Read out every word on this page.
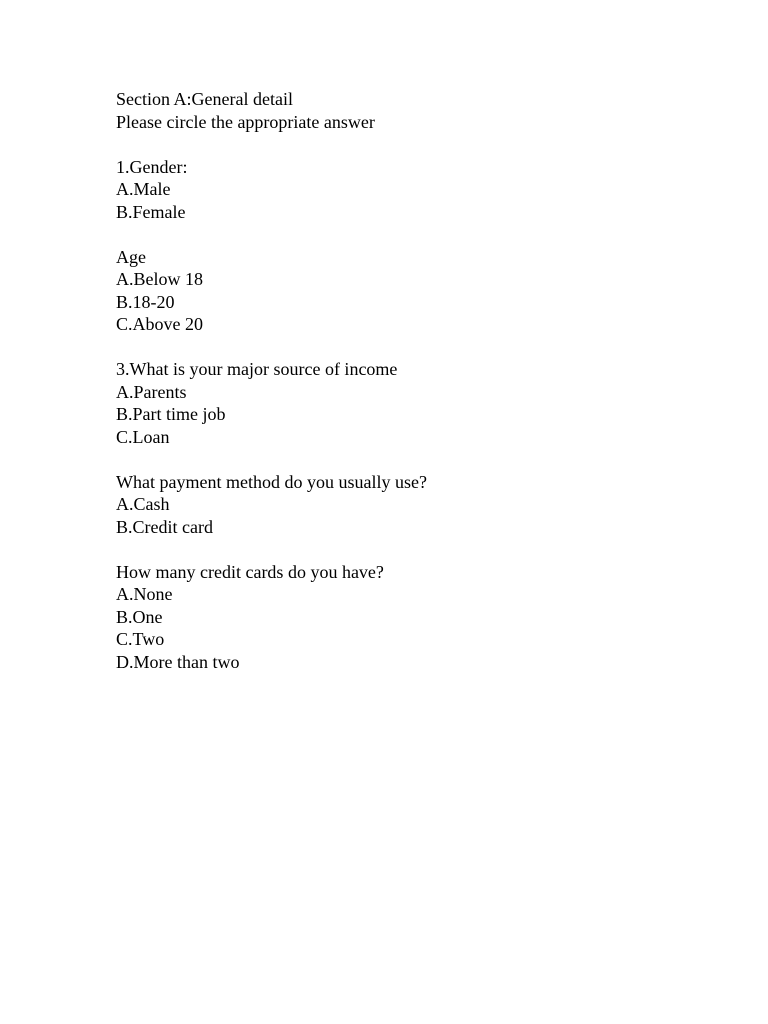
Section A:General detail

Please circle the appropriate answer

1.Gender:

A.Male

B.Female

Age

A.Below 18

B.18-20

C.Above 20

3.What is your major source of income

A.Parents

B.Part time job

C.Loan

What payment method do you usually use?

A.Cash

B.Credit card

How many credit cards do you have?

A.None

B.One

C.Two

D.More than two
